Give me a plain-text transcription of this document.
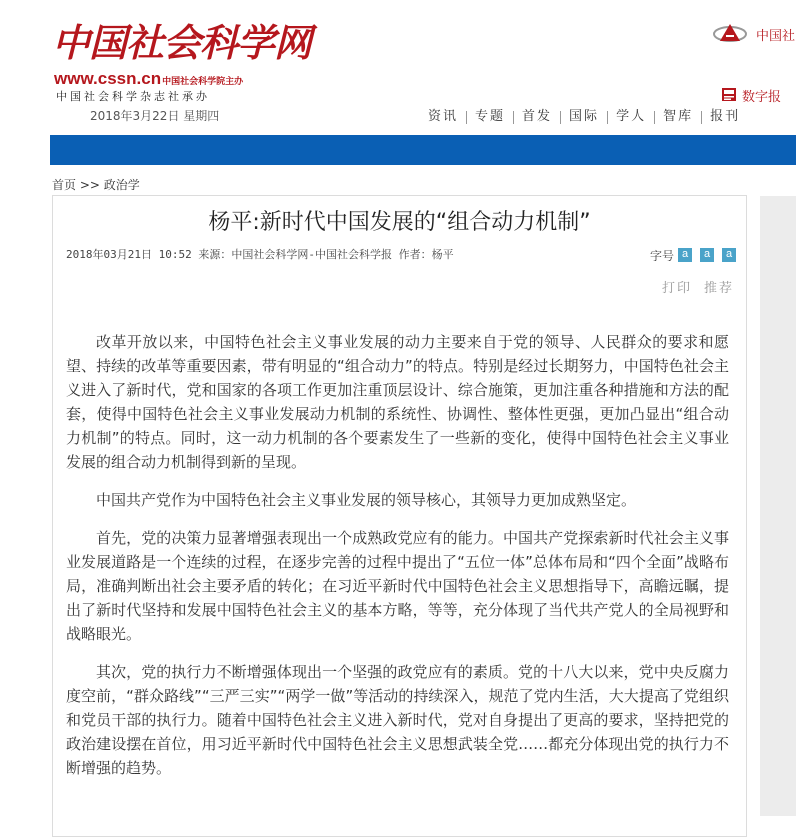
中国社会科学网
www.cssn.cn中国社会科学院主办
中国社会科学杂志社承办
2018年3月22日 星期四
中国社
数字报
资讯	专题	首发	国际	学人	智库	报刊
首页 >> 政治学
杨平:新时代中国发展的“组合动力机制”
2018年03月21日 10:52 来源：中国社会科学网-中国社会科学报 作者：杨平	字号 a	a	a
打印 推荐

改革开放以来，中国特色社会主义事业发展的动力主要来自于党的领导、人民群众的要求和愿望、持续的改革等重要因素，带有明显的“组合动力”的特点。特别是经过长期努力，中国特色社会主义进入了新时代，党和国家的各项工作更加注重顶层设计、综合施策，更加注重各种措施和方法的配套，使得中国特色社会主义事业发展动力机制的系统性、协调性、整体性更强，更加凸显出“组合动力机制”的特点。同时，这一动力机制的各个要素发生了一些新的变化，使得中国特色社会主义事业发展的组合动力机制得到新的呈现。

中国共产党作为中国特色社会主义事业发展的领导核心，其领导力更加成熟坚定。

首先，党的决策力显著增强表现出一个成熟政党应有的能力。中国共产党探索新时代社会主义事业发展道路是一个连续的过程，在逐步完善的过程中提出了“五位一体”总体布局和“四个全面”战略布局，准确判断出社会主要矛盾的转化；在习近平新时代中国特色社会主义思想指导下，高瞻远瞩，提出了新时代坚持和发展中国特色社会主义的基本方略，等等，充分体现了当代共产党人的全局视野和战略眼光。

其次，党的执行力不断增强体现出一个坚强的政党应有的素质。党的十八大以来，党中央反腐力度空前，“群众路线”“三严三实”“两学一做”等活动的持续深入，规范了党内生活，大大提高了党组织和党员干部的执行力。随着中国特色社会主义进入新时代，党对自身提出了更高的要求，坚持把党的政治建设摆在首位，用习近平新时代中国特色社会主义思想武装全党……都充分体现出党的执行力不断增强的趋势。
